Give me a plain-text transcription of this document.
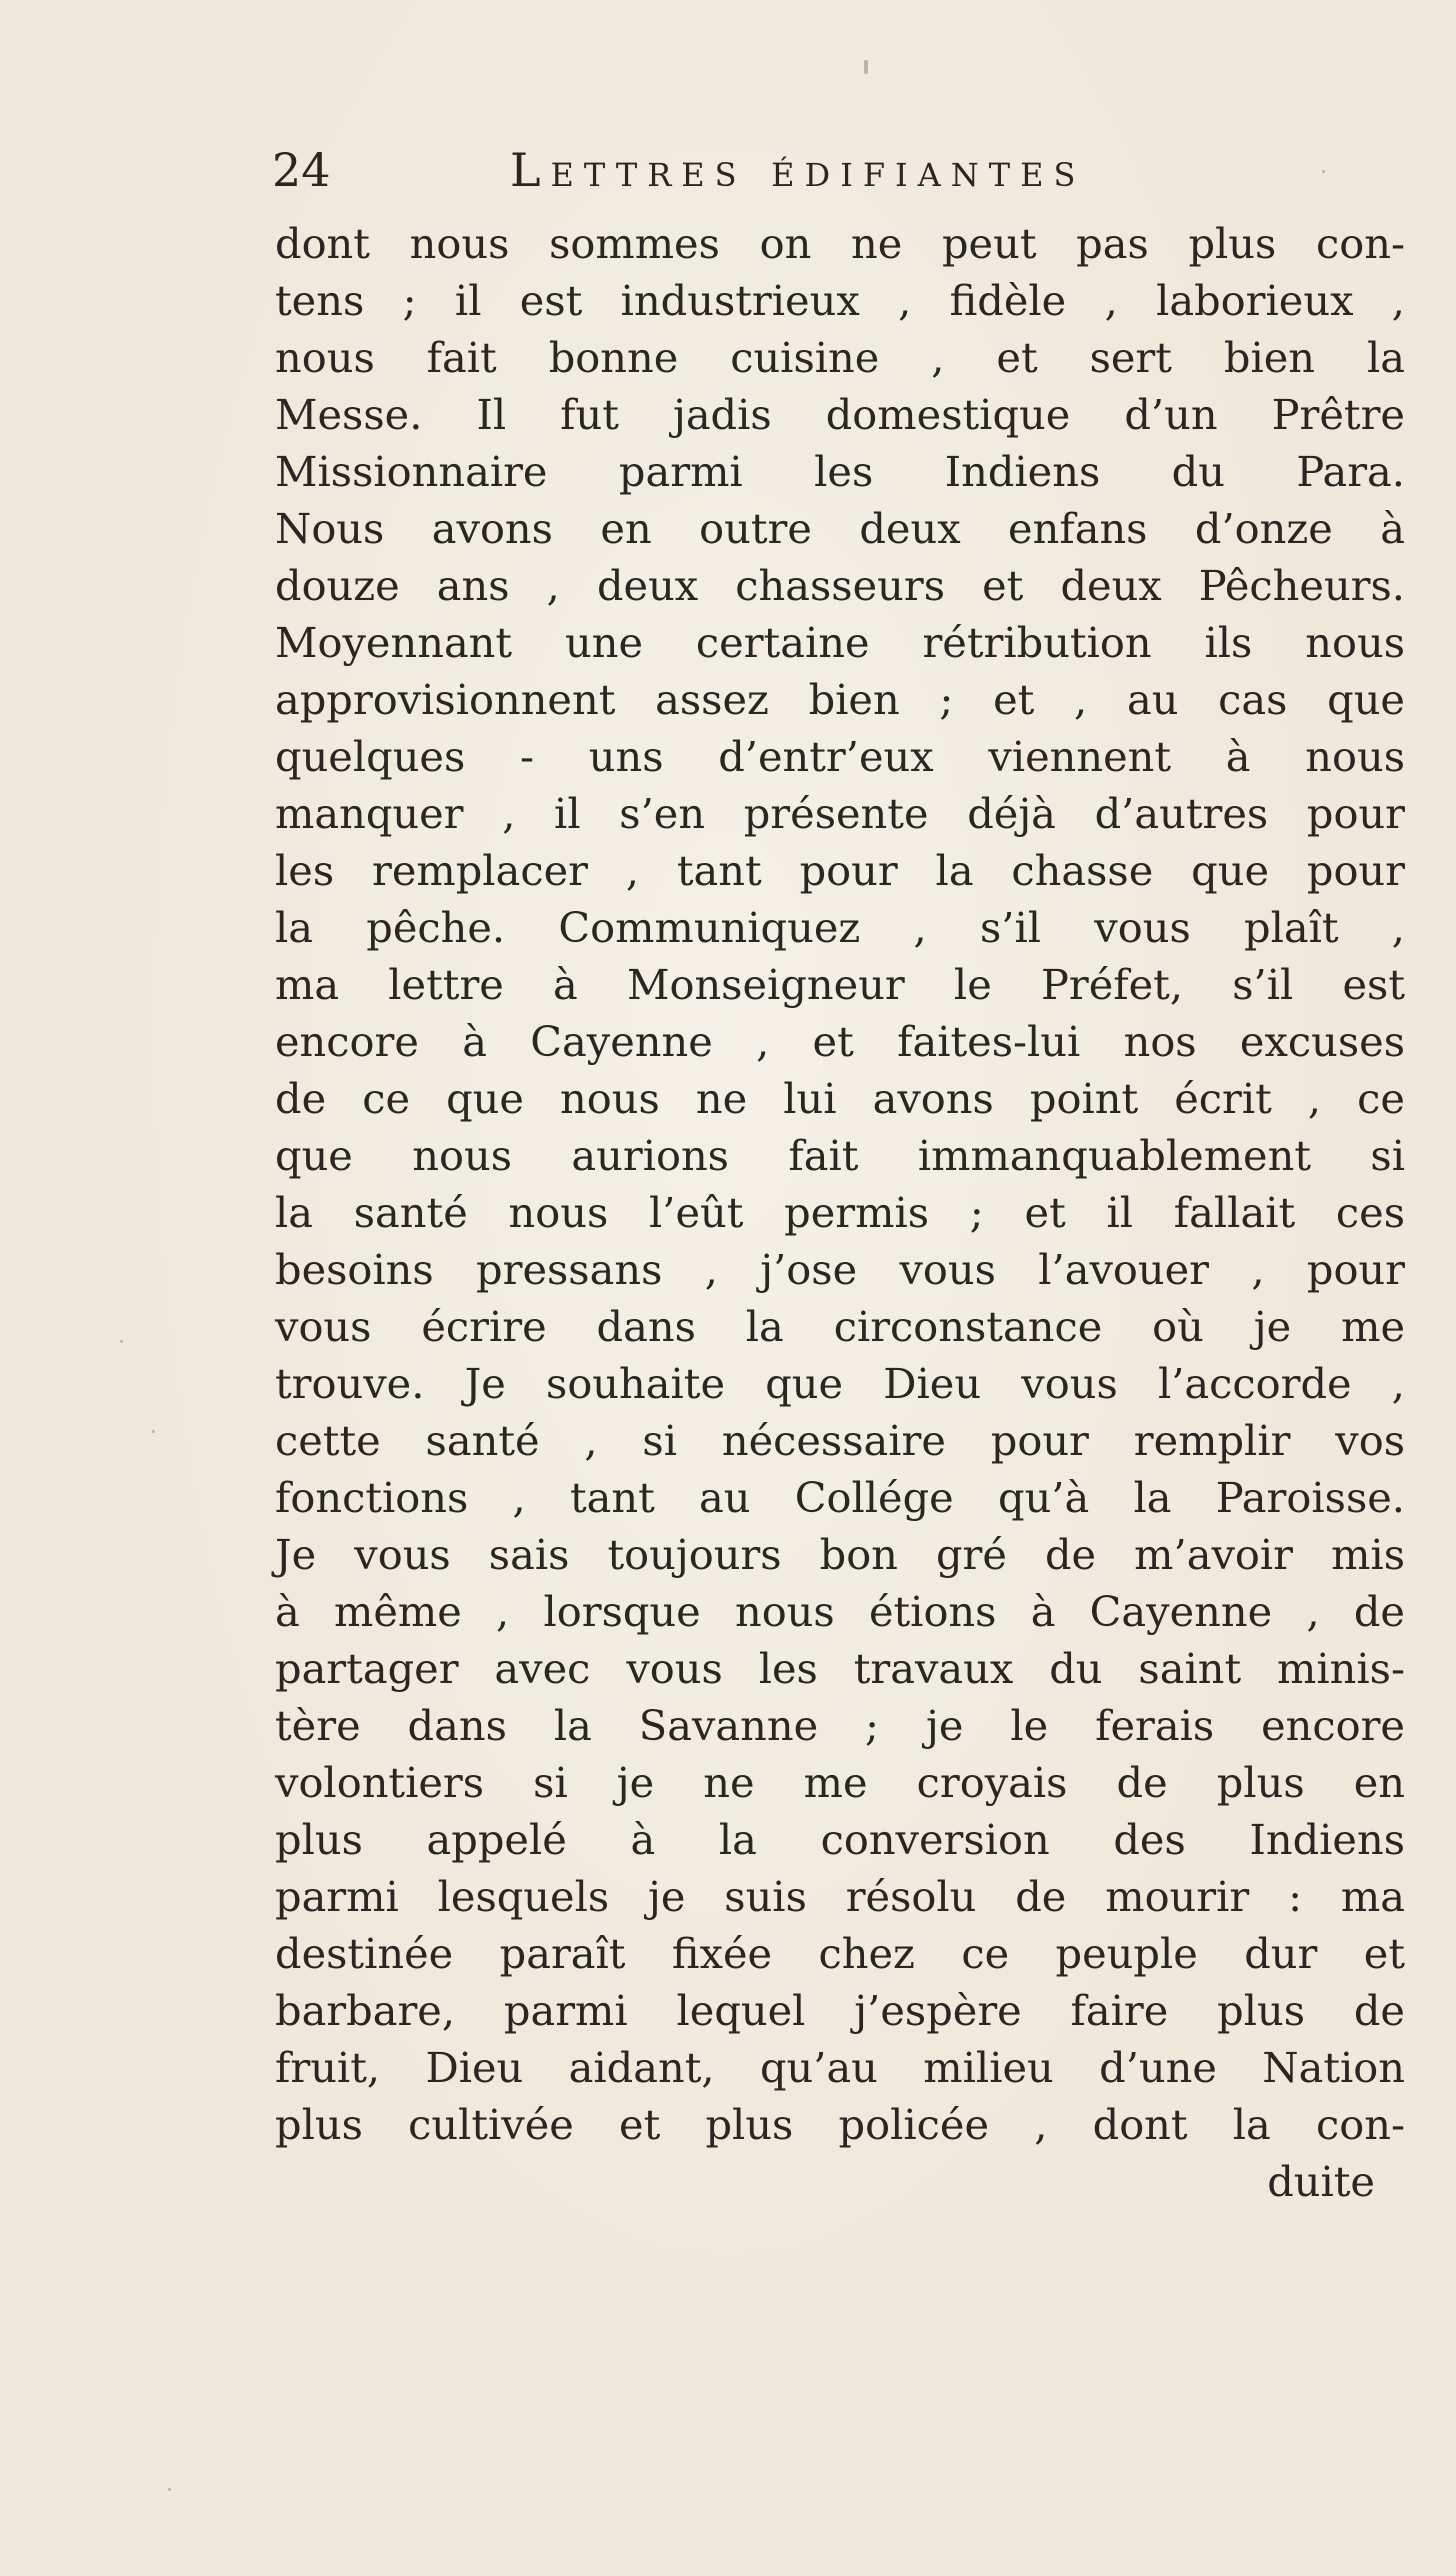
24	Lettres édifiantes
dont nous sommes on ne peut pas plus con-
tens ; il est industrieux , fidèle , laborieux ,
nous fait bonne cuisine , et sert bien la
Messe. Il fut jadis domestique d’un Prêtre
Missionnaire parmi les Indiens du Para.
Nous avons en outre deux enfans d’onze à
douze ans , deux chasseurs et deux Pêcheurs.
Moyennant une certaine rétribution ils nous
approvisionnent assez bien ; et , au cas que
quelques - uns d’entr’eux viennent à nous
manquer , il s’en présente déjà d’autres pour
les remplacer , tant pour la chasse que pour
la pêche. Communiquez , s’il vous plaît ,
ma lettre à Monseigneur le Préfet, s’il est
encore à Cayenne , et faites-lui nos excuses
de ce que nous ne lui avons point écrit , ce
que nous aurions fait immanquablement si
la santé nous l’eût permis ; et il fallait ces
besoins pressans , j’ose vous l’avouer , pour
vous écrire dans la circonstance où je me
trouve. Je souhaite que Dieu vous l’accorde ,
cette santé , si nécessaire pour remplir vos
fonctions , tant au Collége qu’à la Paroisse.
Je vous sais toujours bon gré de m’avoir mis
à même , lorsque nous étions à Cayenne , de
partager avec vous les travaux du saint minis-
tère dans la Savanne ; je le ferais encore
volontiers si je ne me croyais de plus en
plus appelé à la conversion des Indiens
parmi lesquels je suis résolu de mourir : ma
destinée paraît fixée chez ce peuple dur et
barbare, parmi lequel j’espère faire plus de
fruit, Dieu aidant, qu’au milieu d’une Nation
plus cultivée et plus policée , dont la con-
duite
